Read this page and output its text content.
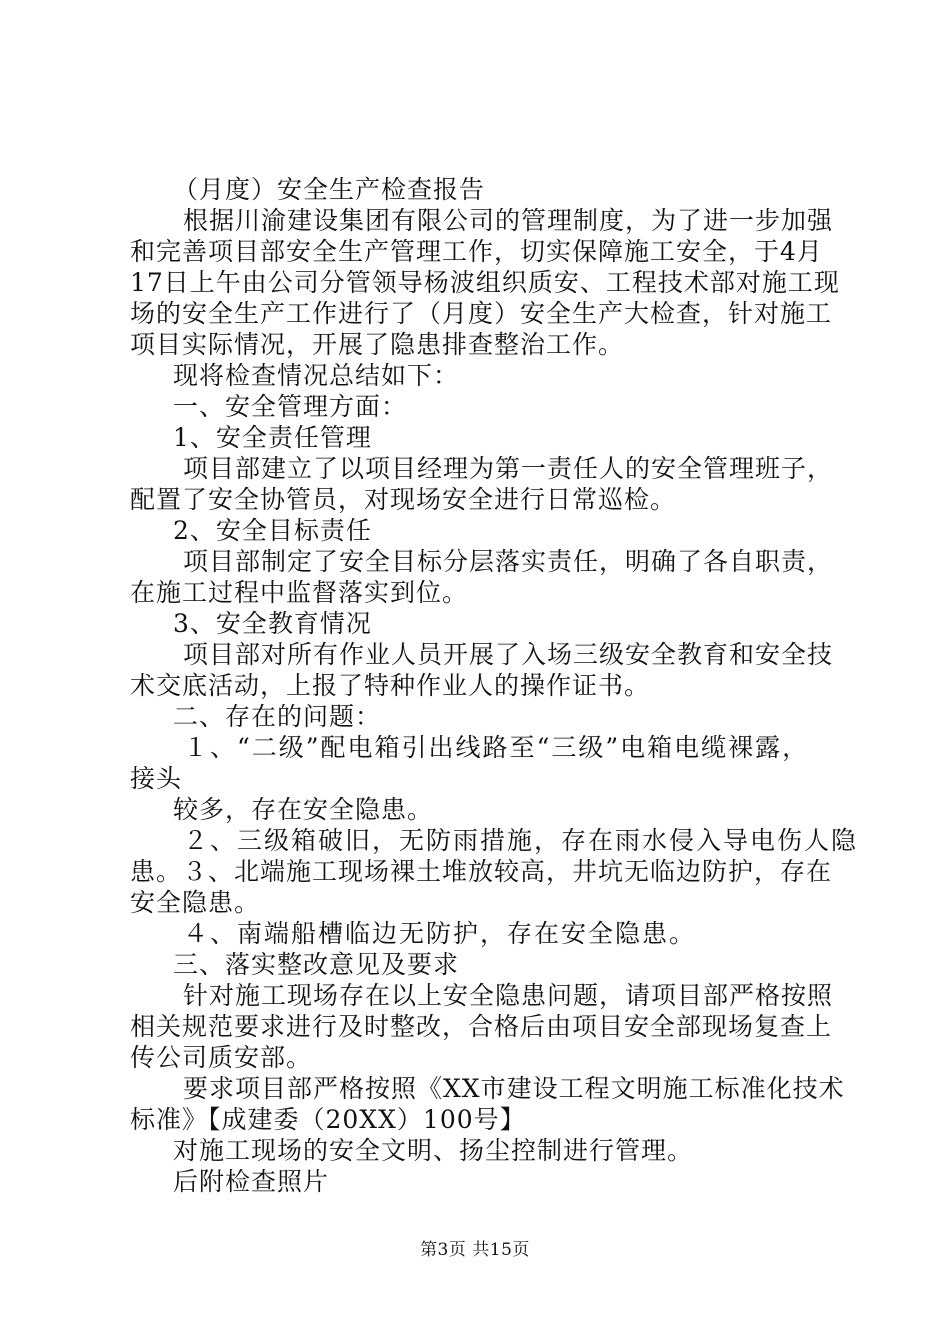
（月度）安全生产检查报告
根据川渝建设集团有限公司的管理制度，为了进一步加强
和完善项目部安全生产管理工作，切实保障施工安全，于4月
17日上午由公司分管领导杨波组织质安、工程技术部对施工现
场的安全生产工作进行了（月度）安全生产大检查，针对施工
项目实际情况，开展了隐患排查整治工作。
现将检查情况总结如下：
一、安全管理方面：
1、安全责任管理
项目部建立了以项目经理为第一责任人的安全管理班子，
配置了安全协管员，对现场安全进行日常巡检。
2、安全目标责任
项目部制定了安全目标分层落实责任，明确了各自职责，
在施工过程中监督落实到位。
3、安全教育情况
项目部对所有作业人员开展了入场三级安全教育和安全技
术交底活动，上报了特种作业人的操作证书。
二、存在的问题：
１、“二级”配电箱引出线路至“三级”电箱电缆裸露，
接头
较多，存在安全隐患。
２、三级箱破旧，无防雨措施，存在雨水侵入导电伤人隐
患。３、北端施工现场裸土堆放较高，井坑无临边防护，存在
安全隐患。
４、南端船槽临边无防护，存在安全隐患。
三、落实整改意见及要求
针对施工现场存在以上安全隐患问题，请项目部严格按照
相关规范要求进行及时整改，合格后由项目安全部现场复查上
传公司质安部。
要求项目部严格按照《XX市建设工程文明施工标准化技术
标准》【成建委（20XX）100号】
对施工现场的安全文明、扬尘控制进行管理。
后附检查照片
第3页 共15页
